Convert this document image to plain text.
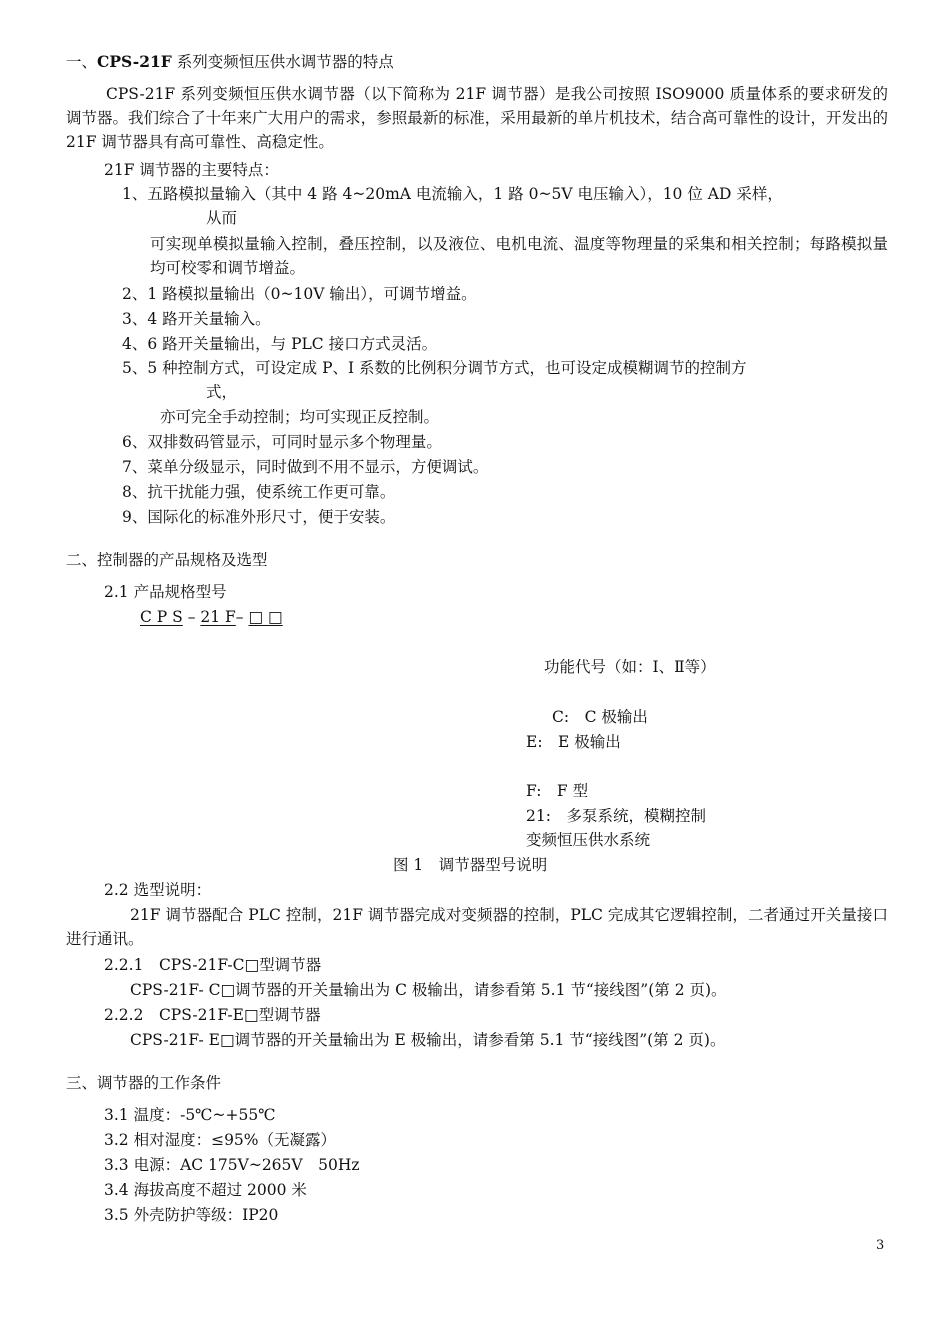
一、CPS-21F 系列变频恒压供水调节器的特点
CPS-21F 系列变频恒压供水调节器（以下简称为 21F 调节器）是我公司按照 ISO9000 质量体系的要求研发的调节器。我们综合了十年来广大用户的需求，参照最新的标准，采用最新的单片机技术，结合高可靠性的设计，开发出的 21F 调节器具有高可靠性、高稳定性。
21F 调节器的主要特点：
1、五路模拟量输入（其中 4 路 4~20mA 电流输入，1 路 0~5V 电压输入），10 位 AD 采样，
从而
可实现单模拟量输入控制，叠压控制，以及液位、电机电流、温度等物理量的采集和相关控制；每路模拟量均可校零和调节增益。
2、1 路模拟量输出（0~10V 输出），可调节增益。
3、4 路开关量输入。
4、6 路开关量输出，与 PLC 接口方式灵活。
5、5 种控制方式，可设定成 P、I 系数的比例积分调节方式，也可设定成模糊调节的控制方
式，
亦可完全手动控制；均可实现正反控制。
6、双排数码管显示，可同时显示多个物理量。
7、菜单分级显示，同时做到不用不显示，方便调试。
8、抗干扰能力强，使系统工作更可靠。
9、国际化的标准外形尺寸，便于安装。
二、控制器的产品规格及选型
2.1 产品规格型号
C P S – 21 F– □ □
功能代号（如：Ⅰ、Ⅱ等）
C:　C 极输出
E:　E 极输出
F:　F 型
21:　多泵系统，模糊控制
变频恒压供水系统
图 1　调节器型号说明
2.2 选型说明：
21F 调节器配合 PLC 控制，21F 调节器完成对变频器的控制，PLC 完成其它逻辑控制，二者通过开关量接口进行通讯。
2.2.1　CPS-21F-C□型调节器
CPS-21F- C□调节器的开关量输出为 C 极输出，请参看第 5.1 节“接线图”(第 2 页)。
2.2.2　CPS-21F-E□型调节器
CPS-21F- E□调节器的开关量输出为 E 极输出，请参看第 5.1 节“接线图”(第 2 页)。
三、调节器的工作条件
3.1 温度：-5℃~+55℃
3.2 相对湿度：≤95%（无凝露）
3.3 电源：AC 175V~265V　50Hz
3.4 海拔高度不超过 2000 米
3.5 外壳防护等级：IP20
3
